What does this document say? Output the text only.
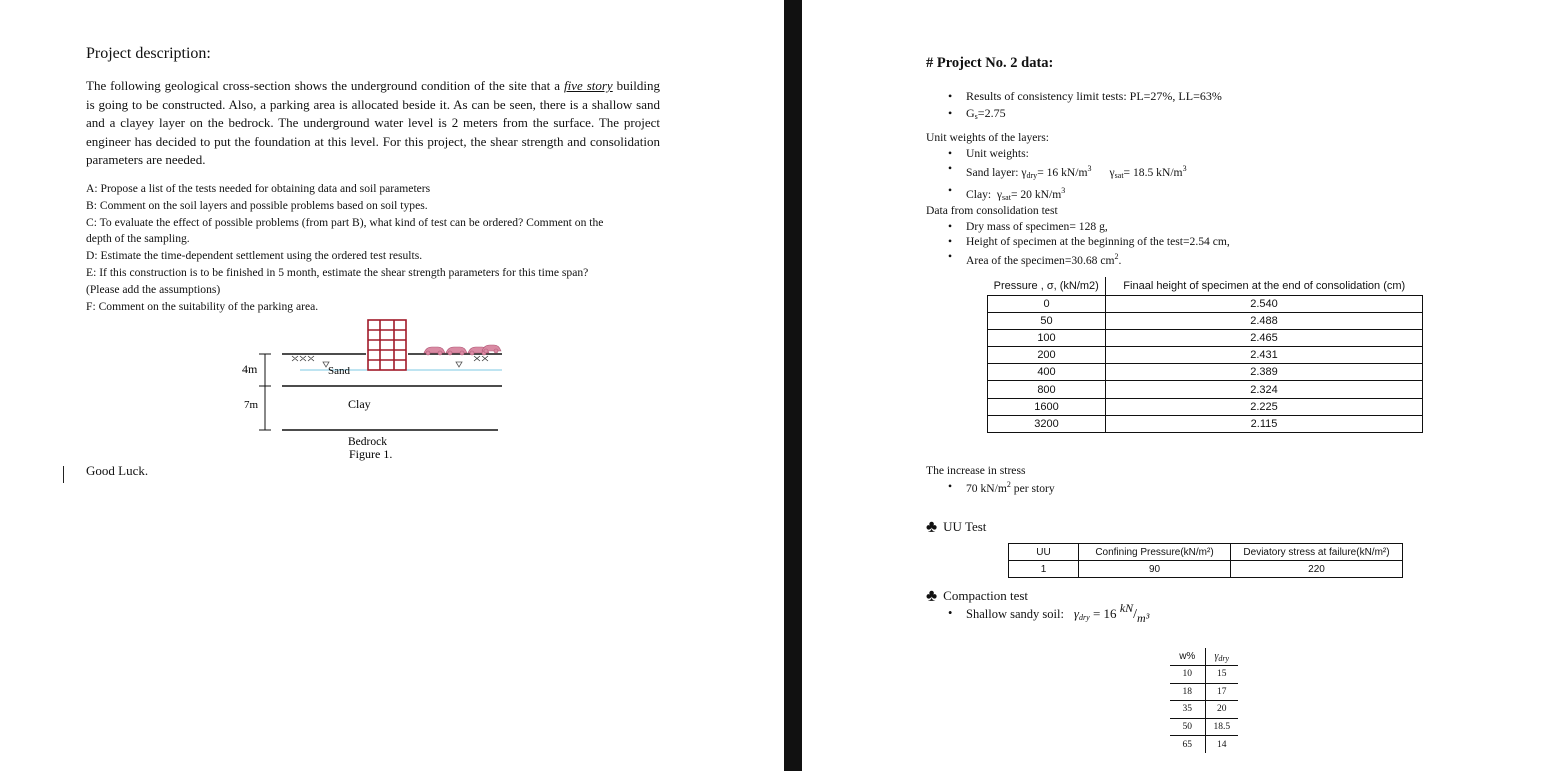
Project description:
The following geological cross-section shows the underground condition of the site that a five story building is going to be constructed. Also, a parking area is allocated beside it. As can be seen, there is a shallow sand and a clayey layer on the bedrock. The underground water level is 2 meters from the surface. The project engineer has decided to put the foundation at this level. For this project, the shear strength and consolidation parameters are needed.
A: Propose a list of the tests needed for obtaining data and soil parameters
B: Comment on the soil layers and possible problems based on soil types.
C: To evaluate the effect of possible problems (from part B), what kind of test can be ordered? Comment on the
depth of the sampling.
D: Estimate the time-dependent settlement using the ordered test results.
E: If this construction is to be finished in 5 month, estimate the shear strength parameters for this time span?
(Please add the assumptions)
F: Comment on the suitability of the parking area.
4m
7m
Sand
Clay
Bedrock
Figure 1.
Good Luck.
# Project No. 2 data:
• Results of consistency limit tests: PL=27%, LL=63%
• $G_s=2.75$
Unit weights of the layers:
• Unit weights:
• Sand layer: $\gamma_{dry}= 16$ $kN/m^3$ $\gamma_{sat}= 18.5$ $kN/m^3$
• Clay:  $\gamma_{sat}= 20$ $kN/m^3$
Data from consolidation test
• Dry mass of specimen= 128 g,
• Height of specimen at the beginning of the test=2.54 cm,
• Area of the specimen=30.68 $cm^2$.
Pressure , σ, (kN/m2)	Finaal height of specimen at the end of consolidation (cm)
0	2.540
50	2.488
100	2.465
200	2.431
400	2.389
800	2.324
1600	2.225
3200	2.115
The increase in stress
• 70 $kN/m^2$ per story
♣ UU Test
UU	Confining Pressure(kN/m²)	Deviatory stress at failure(kN/m²)
1	90	220
♣ Compaction test
• Shallow sandy soil: $\gamma_{dry} = 16$ kN/m³
w%	$\gamma_{dry}$
10	15
18	17
35	20
50	18.5
65	14
